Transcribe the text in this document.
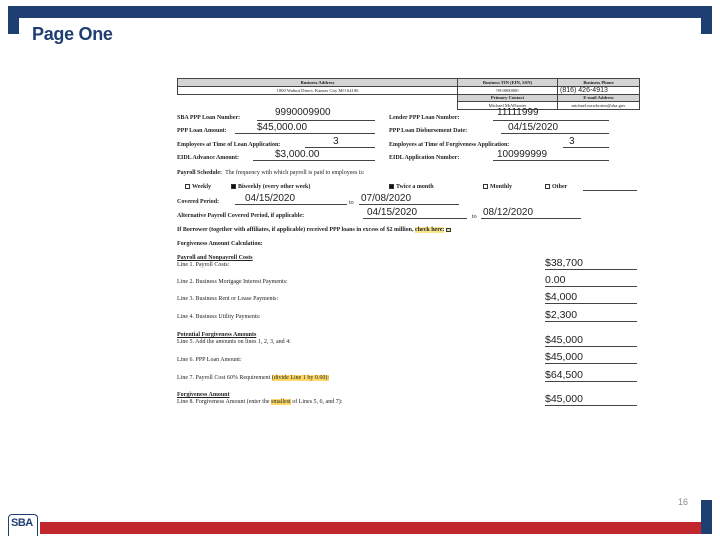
Page One
Business Address	Business TIN (EIN, SSN)	Business Phone
1000 Walnut Direct, Kansas City MO 64106	99-0000000	(816) 426-4913
	Primary Contact	E-mail Address
	Michael McWhorter	michael.mcwhorter@sba.gov
SBA PPP Loan Number:	9990009900	Lender PPP Loan Number:	11111999
PPP Loan Amount:	$45,000.00	PPP Loan Disbursement Date:	04/15/2020
Employees at Time of Loan Application:	3	Employees at Time of Forgiveness Application:	3
EIDL Advance Amount:	$3,000.00	EIDL Application Number:	100999999
Payroll Schedule: The frequency with which payroll is paid to employees is:
Weekly	Biweekly (every other week)	Twice a month	Monthly	Other
Covered Period:	04/15/2020	to 07/08/2020
Alternative Payroll Covered Period, if applicable:	04/15/2020	to 08/12/2020
If Borrower (together with affiliates, if applicable) received PPP loans in excess of $2 million, check here:
Forgiveness Amount Calculation:
Payroll and Nonpayroll Costs
Line 1. Payroll Costs:	$38,700
Line 2. Business Mortgage Interest Payments:	0.00
Line 3. Business Rent or Lease Payments:	$4,000
Line 4. Business Utility Payments:	$2,300
Potential Forgiveness Amounts
Line 5. Add the amounts on lines 1, 2, 3, and 4:	$45,000
Line 6. PPP Loan Amount:	$45,000
Line 7. Payroll Cost 60% Requirement (divide Line 1 by 0.60):	$64,500
Forgiveness Amount
Line 8. Forgiveness Amount (enter the smallest of Lines 5, 6, and 7):	$45,000
16
SBA
